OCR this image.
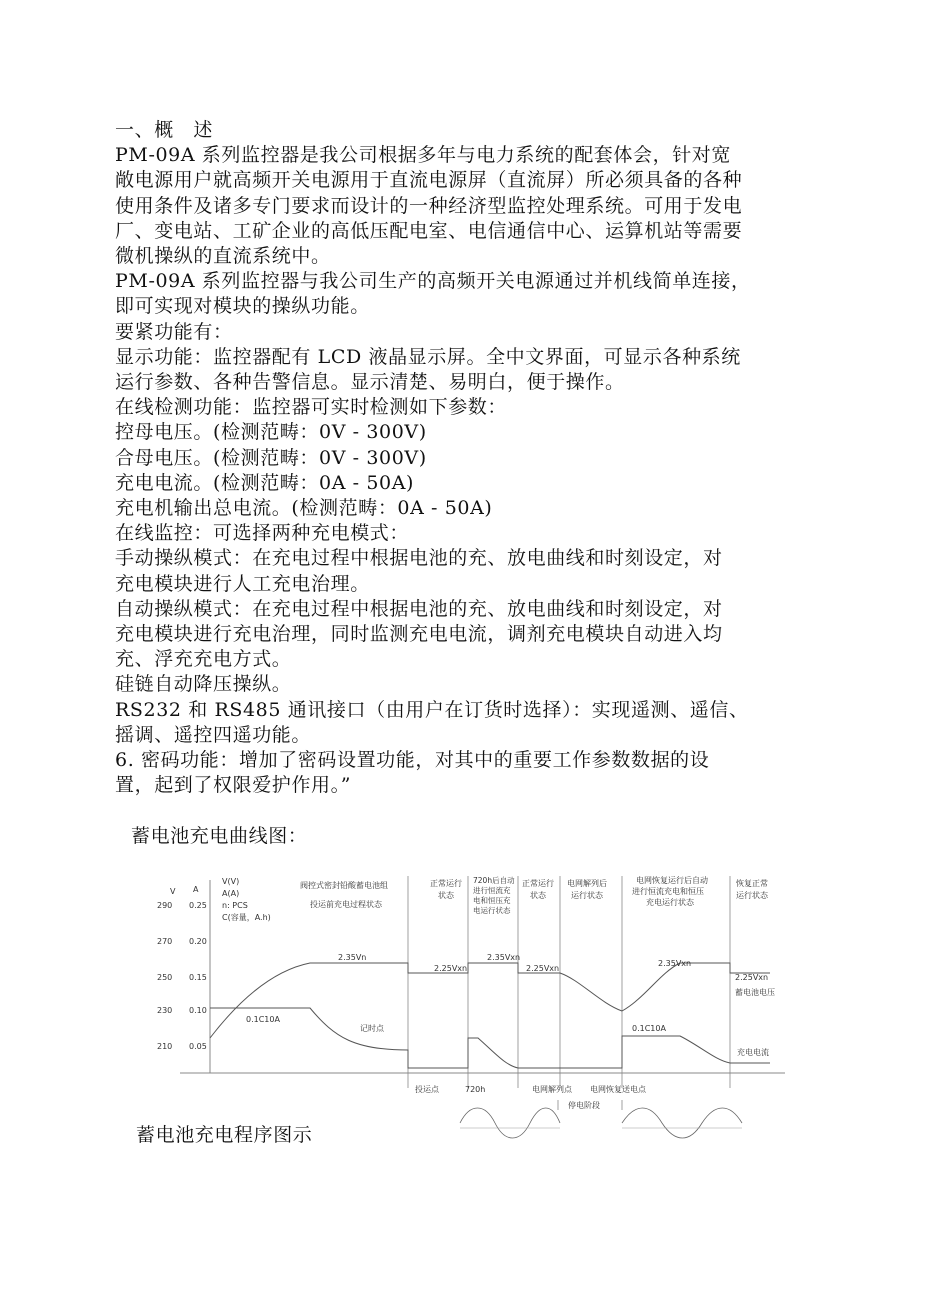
一、概　述

PM-09A 系列监控器是我公司根据多年与电力系统的配套体会，针对宽

敞电源用户就高频开关电源用于直流电源屏（直流屏）所必须具备的各种

使用条件及诸多专门要求而设计的一种经济型监控处理系统。可用于发电

厂、变电站、工矿企业的高低压配电室、电信通信中心、运算机站等需要

微机操纵的直流系统中。

PM-09A 系列监控器与我公司生产的高频开关电源通过并机线简单连接，

即可实现对模块的操纵功能。

要紧功能有：

显示功能：监控器配有 LCD 液晶显示屏。全中文界面，可显示各种系统

运行参数、各种告警信息。显示清楚、易明白，便于操作。

在线检测功能：监控器可实时检测如下参数：

控母电压。(检测范畴：0V - 300V)

合母电压。(检测范畴：0V - 300V)

充电电流。(检测范畴：0A - 50A)

充电机输出总电流。(检测范畴：0A - 50A)

在线监控：可选择两种充电模式：

手动操纵模式：在充电过程中根据电池的充、放电曲线和时刻设定，对

充电模块进行人工充电治理。

自动操纵模式：在充电过程中根据电池的充、放电曲线和时刻设定，对

充电模块进行充电治理，同时监测充电电流，调剂充电模块自动进入均

充、浮充充电方式。

硅链自动降压操纵。

RS232 和 RS485 通讯接口（由用户在订货时选择）：实现遥测、遥信、

摇调、遥控四遥功能。

6. 密码功能：增加了密码设置功能，对其中的重要工作参数数据的设

置，起到了权限爱护作用。”

蓄电池充电曲线图：
V A
290
270
250
230
210
0.25
0.20
0.15
0.10
0.05
V(V)
A(A)
n: PCS
C(容量，A.h)
阀控式密封铅酸蓄电池组
投运前充电过程状态
正常运行
状态
720h后自动
进行恒流充
电和恒压充
电运行状态
正常运行
状态
电网解列后
运行状态
电网恢复运行后自动
进行恒流充电和恒压
充电运行状态
恢复正常
运行状态
2.35Vn
2.25Vxn
2.35Vxn
2.25Vxn
2.35Vxn
2.25Vxn
蓄电池电压
0.1C10A
0.1C10A
充电电流
记时点
投运点	720h	电网解列点 电网恢复送电点
停电阶段
蓄电池充电程序图示
